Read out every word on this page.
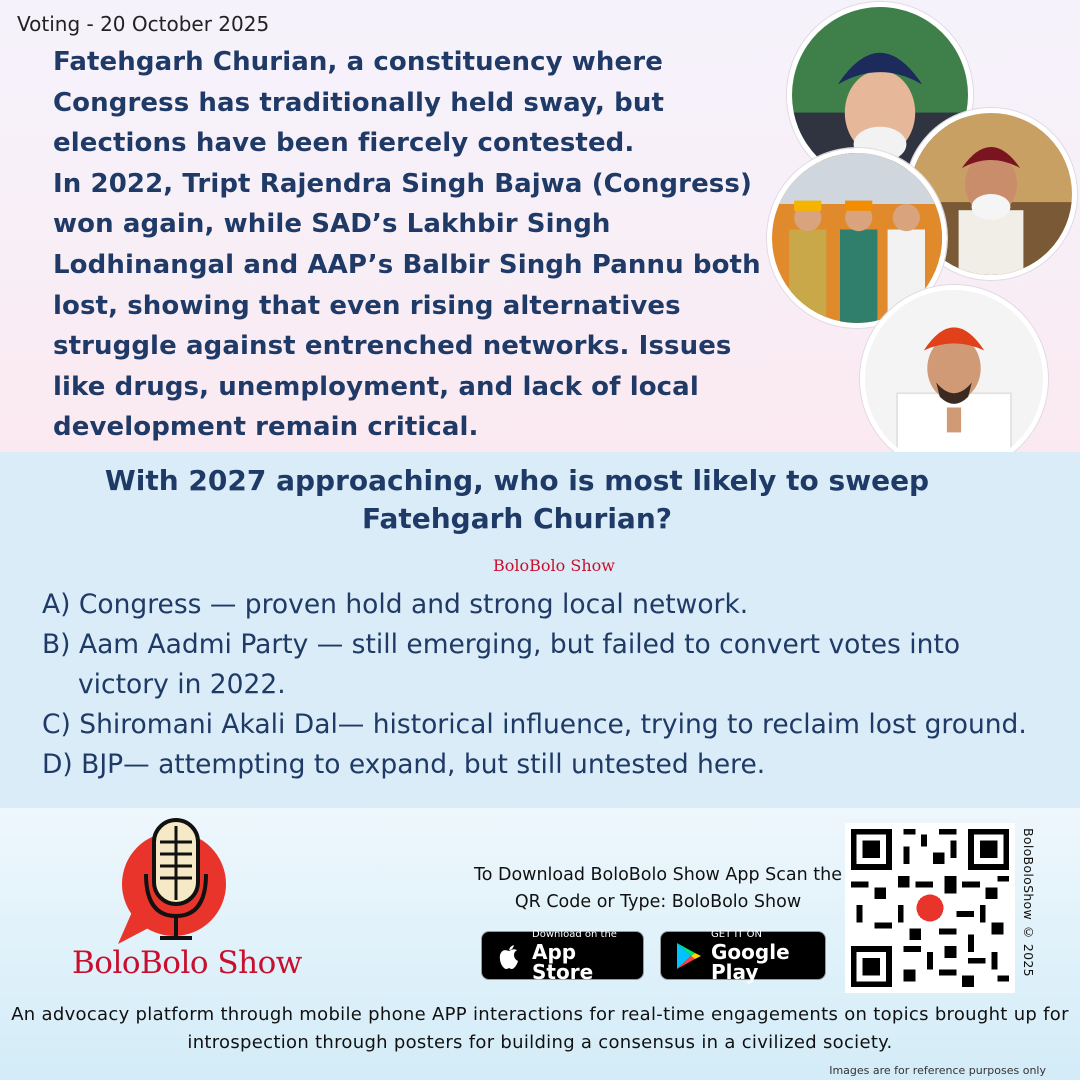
Voting - 20 October 2025

Fatehgarh Churian, a constituency where Congress has traditionally held sway, but elections have been fiercely contested.

In 2022, Tript Rajendra Singh Bajwa (Congress) won again, while SAD’s Lakhbir Singh Lodhinangal and AAP’s Balbir Singh Pannu both lost, showing that even rising alternatives struggle against entrenched networks. Issues like drugs, unemployment, and lack of local development remain critical.

With 2027 approaching, who is most likely to sweep
Fatehgarh Churian?
BoloBolo Show
A) Congress — proven hold and strong local network.
B) Aam Aadmi Party — still emerging, but failed to convert votes into victory in 2022.
C) Shiromani Akali Dal— historical influence, trying to reclaim lost ground.
D) BJP— attempting to expand, but still untested here.
BoloBolo Show
To Download BoloBolo Show App Scan the QR Code or Type: BoloBolo Show
Download on the
App Store
GET IT ON
Google Play	BoloBoloShow © 2025
An advocacy platform through mobile phone APP interactions for real-time engagements on topics brought up for introspection through posters for building a consensus in a civilized society.
Images are for reference purposes only
